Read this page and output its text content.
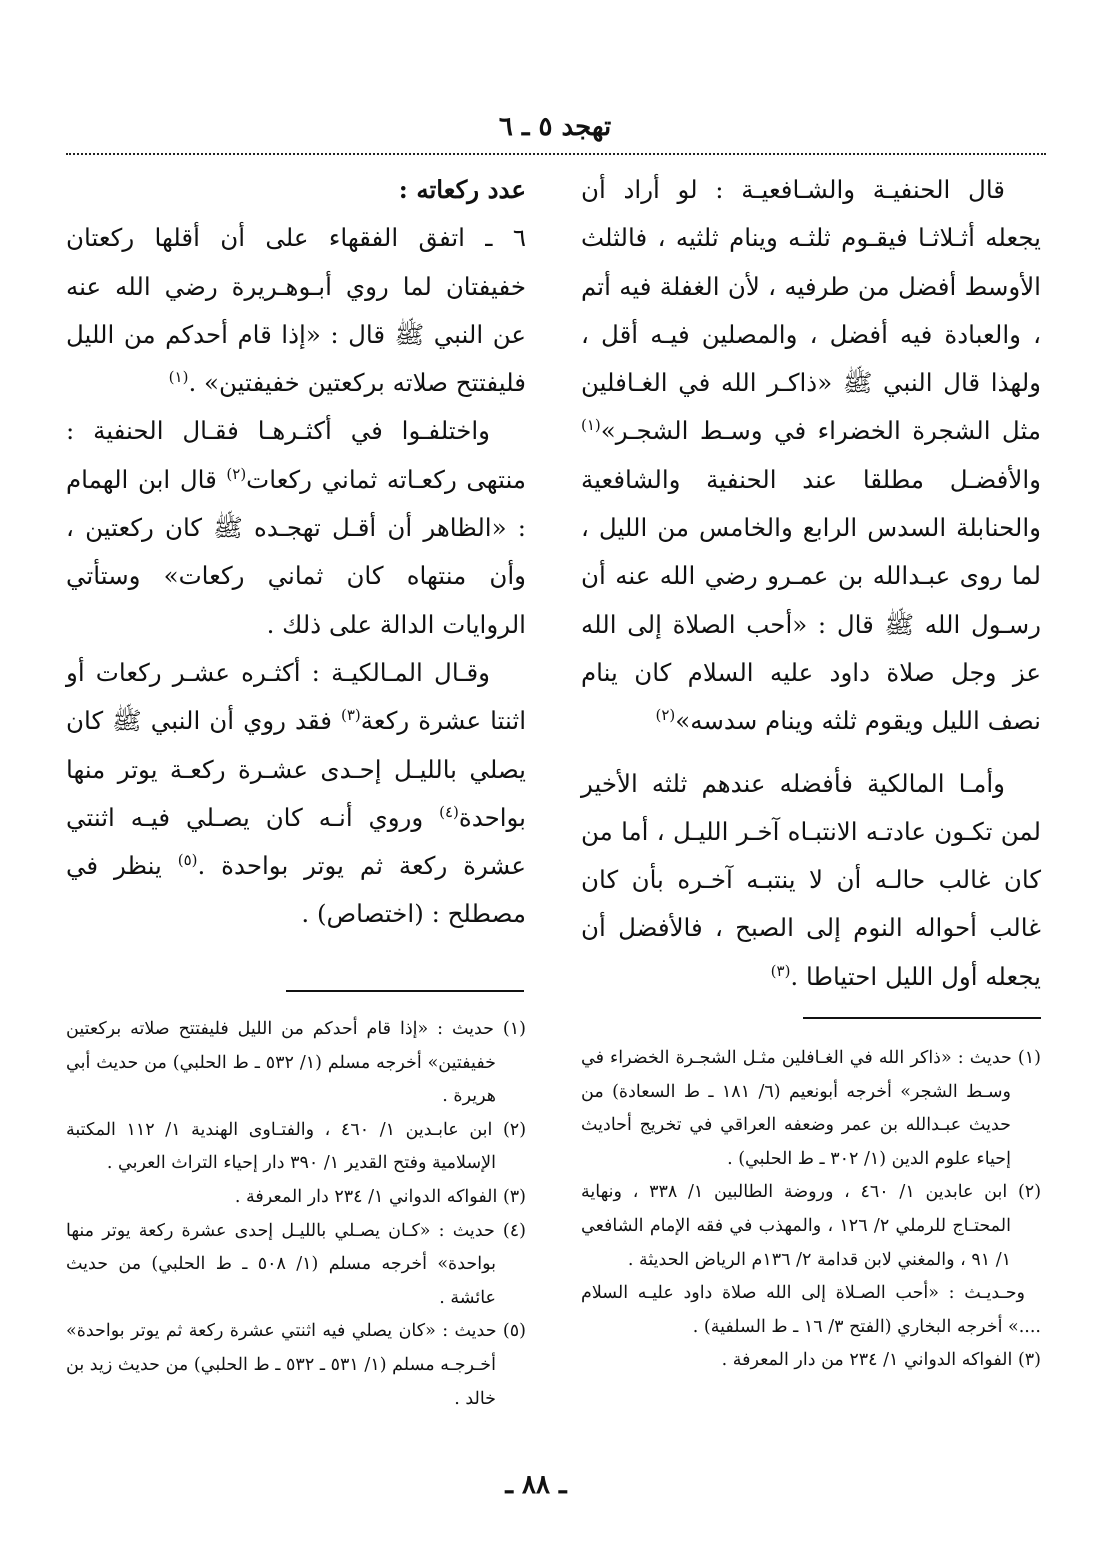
تهجد ٥ ـ ٦

قال الحنفيـة والشـافعيـة : لو أراد أن يجعله أثـلاثـا فيقـوم ثلثـه وينام ثلثيه ، فالثلث الأوسط أفضل من طرفيه ، لأن الغفلة فيه أتم ، والعبادة فيه أفضل ، والمصلين فيـه أقل ، ولهذا قال النبي ﷺ «ذاكـر الله في الغـافلين مثل الشجرة الخضراء في وسـط الشجـر»$^{(١)}$ والأفضـل مطلقا عند الحنفية والشافعية والحنابلة السدس الرابع والخامس من الليل ، لما روى عبـدالله بن عمـرو رضي الله عنه أن رسـول الله ﷺ قال : «أحب الصلاة إلى الله عز وجل صلاة داود عليه السلام كان ينام نصف الليل ويقوم ثلثه وينام سدسه»$^{(٢)}$

وأمـا المالكية فأفضله عندهم ثلثه الأخير لمن تكـون عادتـه الانتبـاه آخـر الليـل ، أما من كان غالب حالـه أن لا ينتبـه آخـره بأن كان غالب أحواله النوم إلى الصبح ، فالأفضل أن يجعله أول الليل احتياطا .$^{(٣)}$

عدد ركعاته :

٦ ـ اتفق الفقهاء على أن أقلها ركعتان خفيفتان لما روي أبـوهـريرة رضي الله عنه عن النبي ﷺ قال : «إذا قام أحدكم من الليل فليفتتح صلاته بركعتين خفيفتين» .$^{(١)}$

واختلفـوا في أكثـرهـا فقـال الحنفية : منتهى ركعـاته ثماني ركعات$^{(٢)}$ قال ابن الهمام : «الظاهر أن أقـل تهجـده ﷺ كان ركعتين ، وأن منتهاه كان ثماني ركعات» وستأتي الروايات الدالة على ذلك .

وقـال المـالكيـة : أكثـره عشـر ركعات أو اثنتا عشرة ركعة$^{(٣)}$ فقد روي أن النبي ﷺ كان يصلي بالليـل إحـدى عشـرة ركعـة يوتر منها بواحدة$^{(٤)}$ وروي أنـه كان يصـلي فيـه اثنتي عشرة ركعة ثم يوتر بواحدة .$^{(٥)}$ ينظر في مصطلح : (اختصاص) .

(١) حديث : «ذاكر الله في الغـافلين مثـل الشجـرة الخضراء في وسـط الشجر» أخرجه أبونعيم (٦/ ١٨١ ـ ط السعادة) من حديث عبـدالله بن عمر وضعفه العراقي في تخريج أحاديث إحياء علوم الدين (١/ ٣٠٢ ـ ط الحلبي) .

(٢) ابن عابدين ١/ ٤٦٠ ، وروضة الطالبين ١/ ٣٣٨ ، ونهاية المحتـاج للرملي ٢/ ١٢٦ ، والمهذب في فقه الإمام الشافعي ١/ ٩١ ، والمغني لابن قدامة ٢/ ١٣٦م الرياض الحديثة .

وحـديـث : «أحب الصـلاة إلى الله صلاة داود عليـه السلام ....» أخرجه البخاري (الفتح ٣/ ١٦ ـ ط السلفية) .

(٣) الفواكه الدواني ١/ ٢٣٤ من دار المعرفة .

(١) حديث : «إذا قام أحدكم من الليل فليفتتح صلاته بركعتين خفيفتين» أخرجه مسلم (١/ ٥٣٢ ـ ط الحلبي) من حديث أبي هريرة .

(٢) ابن عابـدين ١/ ٤٦٠ ، والفتـاوى الهندية ١/ ١١٢ المكتبة الإسلامية وفتح القدير ١/ ٣٩٠ دار إحياء التراث العربي .

(٣) الفواكه الدواني ١/ ٢٣٤ دار المعرفة .

(٤) حديث : «كـان يصـلي بالليـل إحدى عشرة ركعة يوتر منها بواحدة» أخرجه مسلم (١/ ٥٠٨ ـ ط الحلبي) من حديث عائشة .

(٥) حديث : «كان يصلي فيه اثنتي عشرة ركعة ثم يوتر بواحدة» أخـرجـه مسلم (١/ ٥٣١ ـ ٥٣٢ ـ ط الحلبي) من حديث زيد بن خالد .

ـ ٨٨ ـ
